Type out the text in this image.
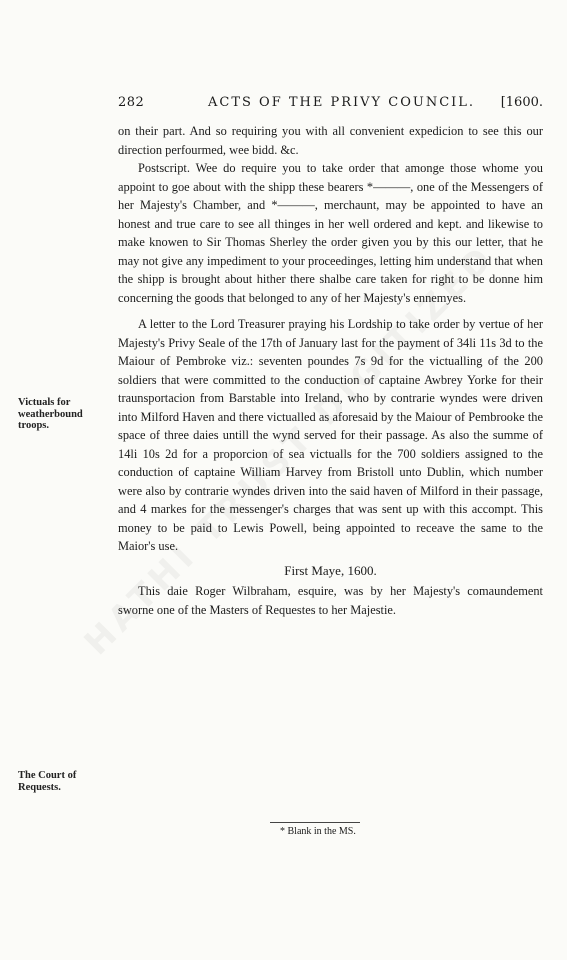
282	ACTS OF THE PRIVY COUNCIL. [1600.

on their part. And so requiring you with all convenient expedicion to see this our direction perfourmed, wee bidd. &c.

Postscript. Wee do require you to take order that amonge those whome you appoint to goe about with the shipp these bearers *———, one of the Messengers of her Majesty's Chamber, and *———, merchaunt, may be appointed to have an honest and true care to see all thinges in her well ordered and kept. and likewise to make knowen to Sir Thomas Sherley the order given you by this our letter, that he may not give any impediment to your proceedinges, letting him understand that when the shipp is brought about hither there shalbe care taken for right to be donne him concerning the goods that belonged to any of her Majesty's ennemyes.

A letter to the Lord Treasurer praying his Lordship to take order by vertue of her Majesty's Privy Seale of the 17th of January last for the payment of 34li 11s 3d to the Maiour of Pembroke viz.: seventen poundes 7s 9d for the victualling of the 200 soldiers that were committed to the conduction of captaine Awbrey Yorke for their traunsportacion from Barstable into Ireland, who by contrarie wyndes were driven into Milford Haven and there victualled as aforesaid by the Maiour of Pembrooke the space of three daies untill the wynd served for their passage. As also the summe of 14li 10s 2d for a proporcion of sea victualls for the 700 soldiers assigned to the conduction of captaine William Harvey from Bristoll unto Dublin, which number were also by contrarie wyndes driven into the said haven of Milford in their passage, and 4 markes for the messenger's charges that was sent up with this accompt. This money to be paid to Lewis Powell, being appointed to receave the same to the Maior's use.

First Maye, 1600.

This daie Roger Wilbraham, esquire, was by her Majesty's comaundement sworne one of the Masters of Requestes to her Majestie.

Victuals for weatherbound troops.
The Court of Requests.
* Blank in the MS.
